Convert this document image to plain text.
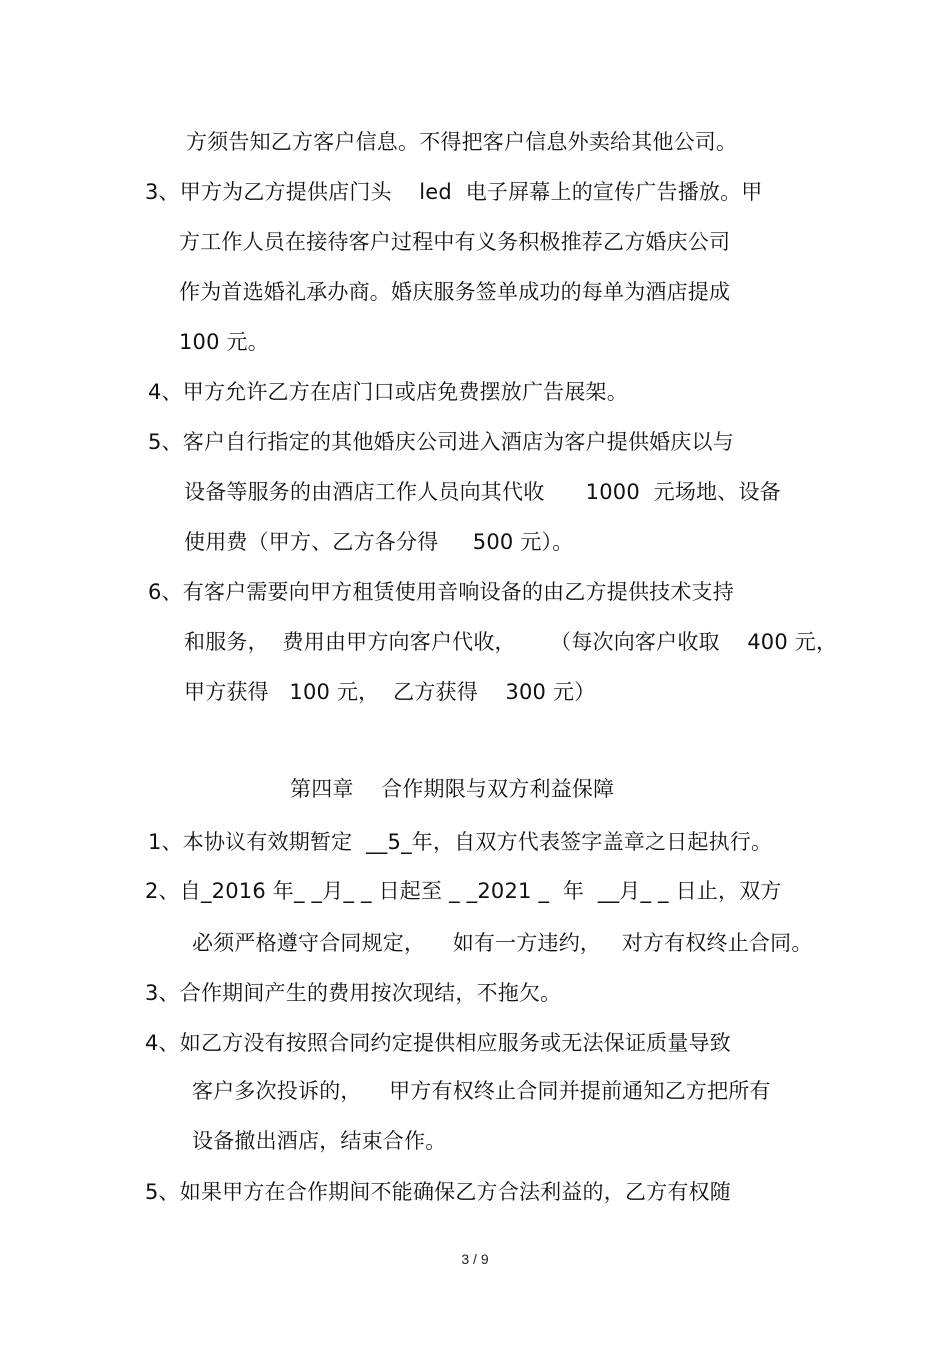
方须告知乙方客户信息。不得把客户信息外卖给其他公司。
3、甲方为乙方提供店门头    led  电子屏幕上的宣传广告播放。甲
方工作人员在接待客户过程中有义务积极推荐乙方婚庆公司
作为首选婚礼承办商。婚庆服务签单成功的每单为酒店提成
100 元。
4、甲方允许乙方在店门口或店免费摆放广告展架。
5、客户自行指定的其他婚庆公司进入酒店为客户提供婚庆以与
设备等服务的由酒店工作人员向其代收      1000  元场地、设备
使用费（甲方、乙方各分得     500 元）。
6、有客户需要向甲方租赁使用音响设备的由乙方提供技术支持
和服务，  费用由甲方向客户代收，     （每次向客户收取    400 元，
甲方获得   100 元，  乙方获得    300 元）
第四章    合作期限与双方利益保障
1、本协议有效期暂定  __5_年，自双方代表签字盖章之日起执行。
2、自_2016 年_ _月_ _ 日起至 _ _2021 _  年  __月_ _ 日止，双方
必须严格遵守合同规定，    如有一方违约，   对方有权终止合同。
3、合作期间产生的费用按次现结，不拖欠。
4、如乙方没有按照合同约定提供相应服务或无法保证质量导致
客户多次投诉的，    甲方有权终止合同并提前通知乙方把所有
设备撤出酒店，结束合作。
5、如果甲方在合作期间不能确保乙方合法利益的，乙方有权随
3 / 9
